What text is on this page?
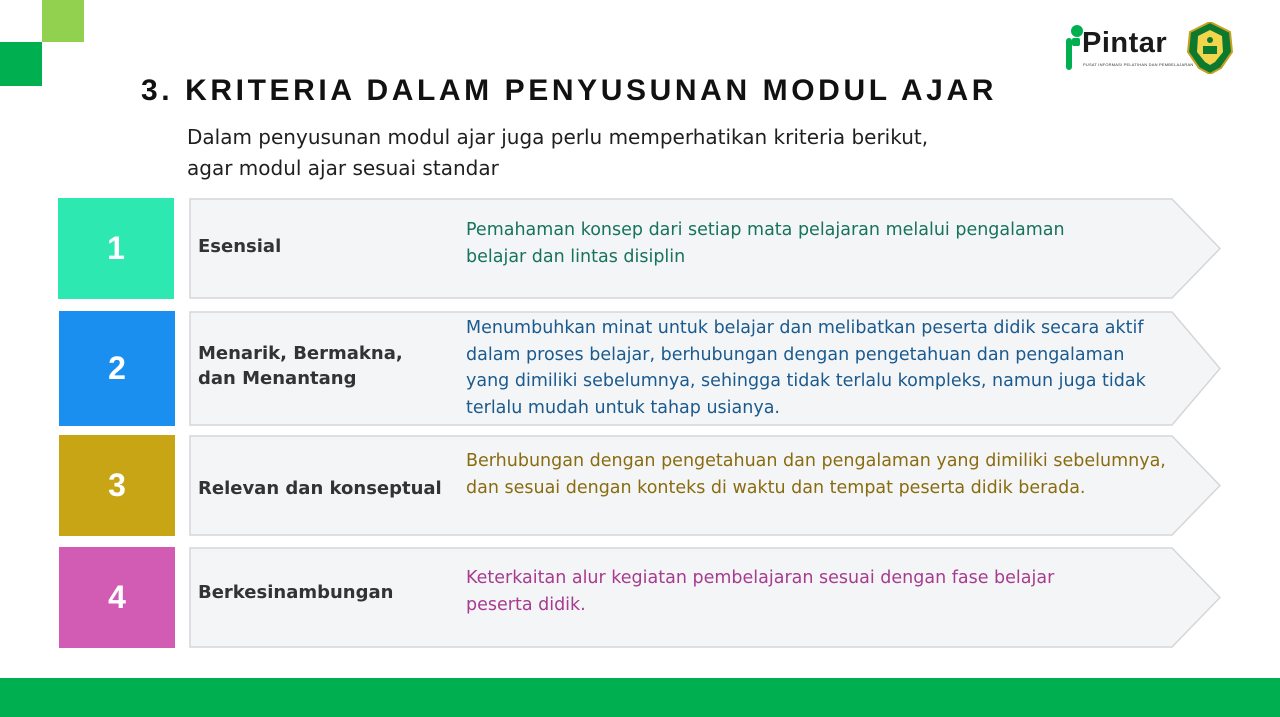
Pintar
PUSAT INFORMASI PELATIHAN DAN PEMBELAJARAN
3. KRITERIA DALAM PENYUSUNAN MODUL AJAR
Dalam penyusunan modul ajar juga perlu memperhatikan kriteria berikut,
agar modul ajar sesuai standar
1	Esensial
Pemahaman konsep dari setiap mata pelajaran melalui pengalaman belajar dan lintas disiplin
2	Menarik, Bermakna, dan Menantang
Menumbuhkan minat untuk belajar dan melibatkan peserta didik secara aktif dalam proses belajar, berhubungan dengan pengetahuan dan pengalaman yang dimiliki sebelumnya, sehingga tidak terlalu kompleks, namun juga tidak terlalu mudah untuk tahap usianya.
3	Relevan dan konseptual
Berhubungan dengan pengetahuan dan pengalaman yang dimiliki sebelumnya, dan sesuai dengan konteks di waktu dan tempat peserta didik berada.
4	Berkesinambungan
Keterkaitan alur kegiatan pembelajaran sesuai dengan fase belajar peserta didik.
